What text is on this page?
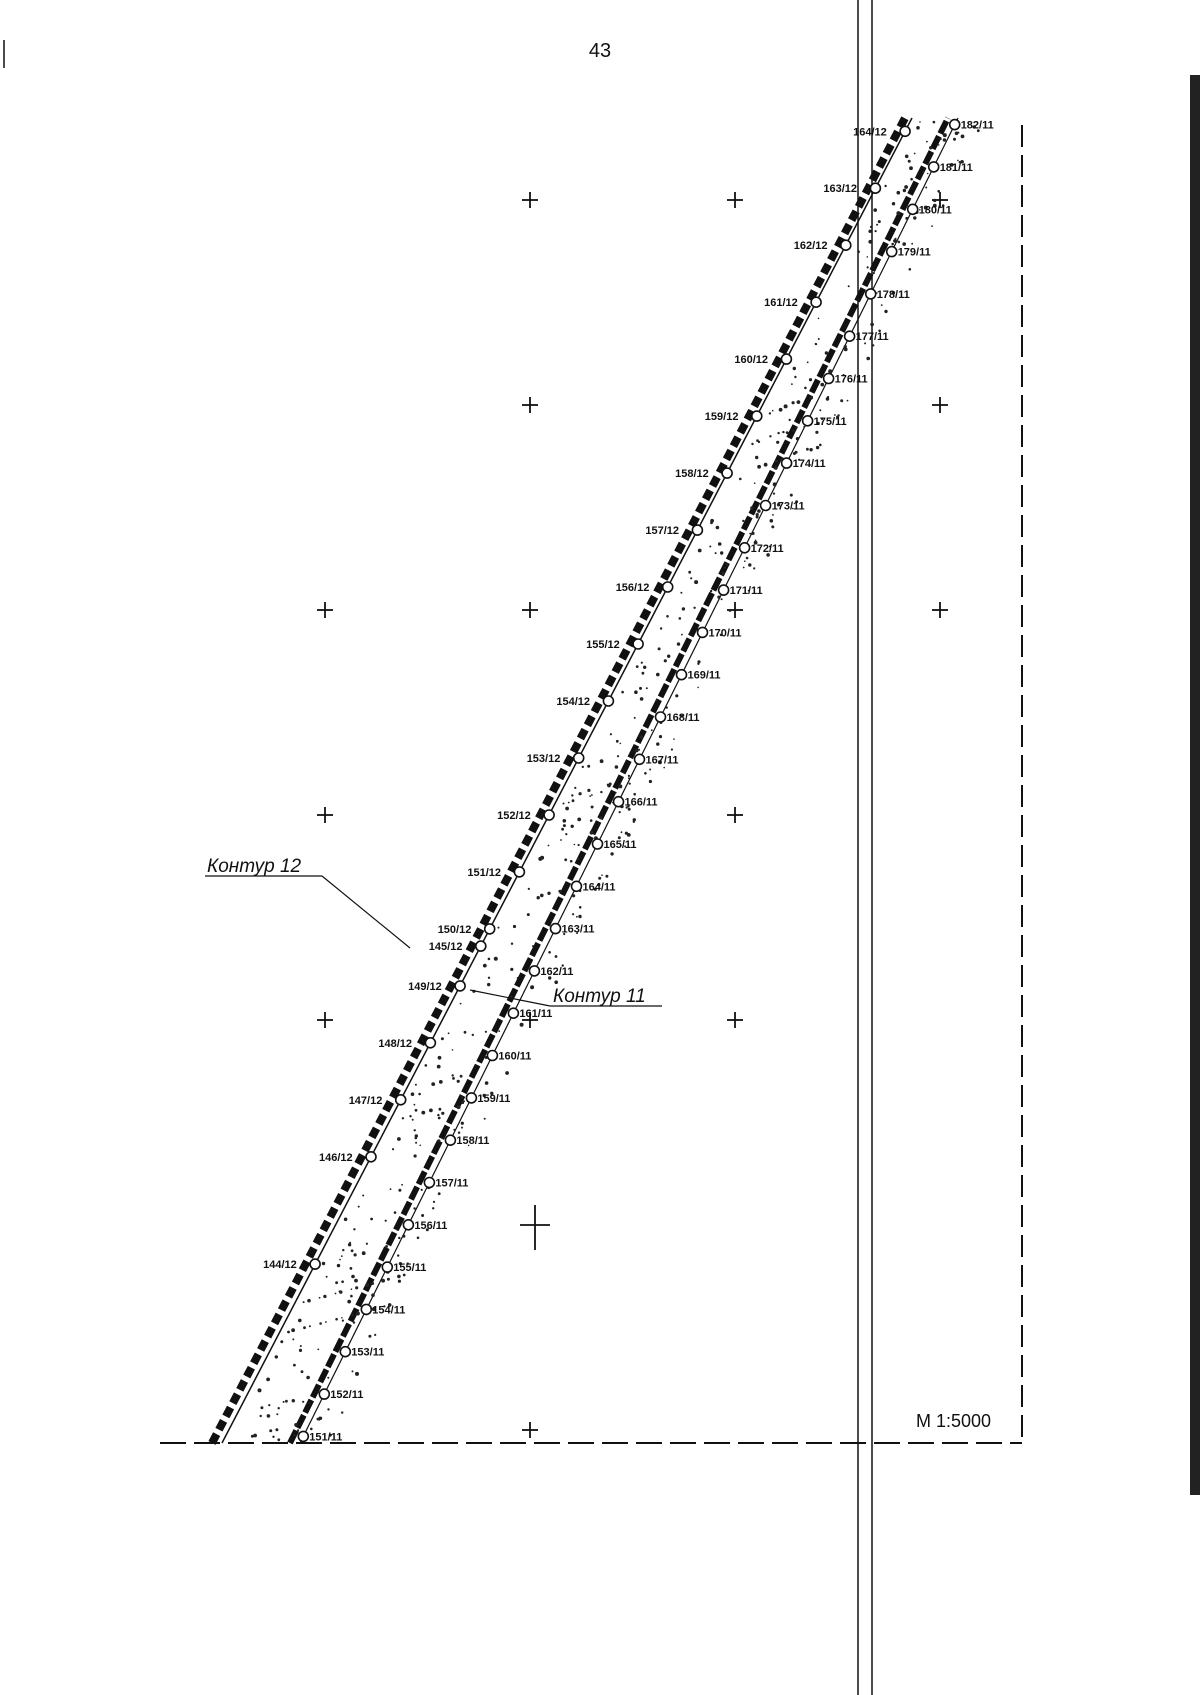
43
164/12
163/12
162/12
161/12
160/12
159/12
158/12
157/12
156/12
155/12
154/12
153/12
152/12
151/12
150/12
149/12
148/12
147/12
146/12
145/12
144/12
182/11
181/11
180/11
179/11
178/11
177/11
176/11
175/11
174/11
173/11
172/11
171/11
170/11
169/11
168/11
167/11
166/11
165/11
164/11
163/11
162/11
161/11
160/11
159/11
158/11
157/11
156/11
155/11
154/11
153/11
152/11
151/11
Контур 12
Контур 11
M 1:5000
